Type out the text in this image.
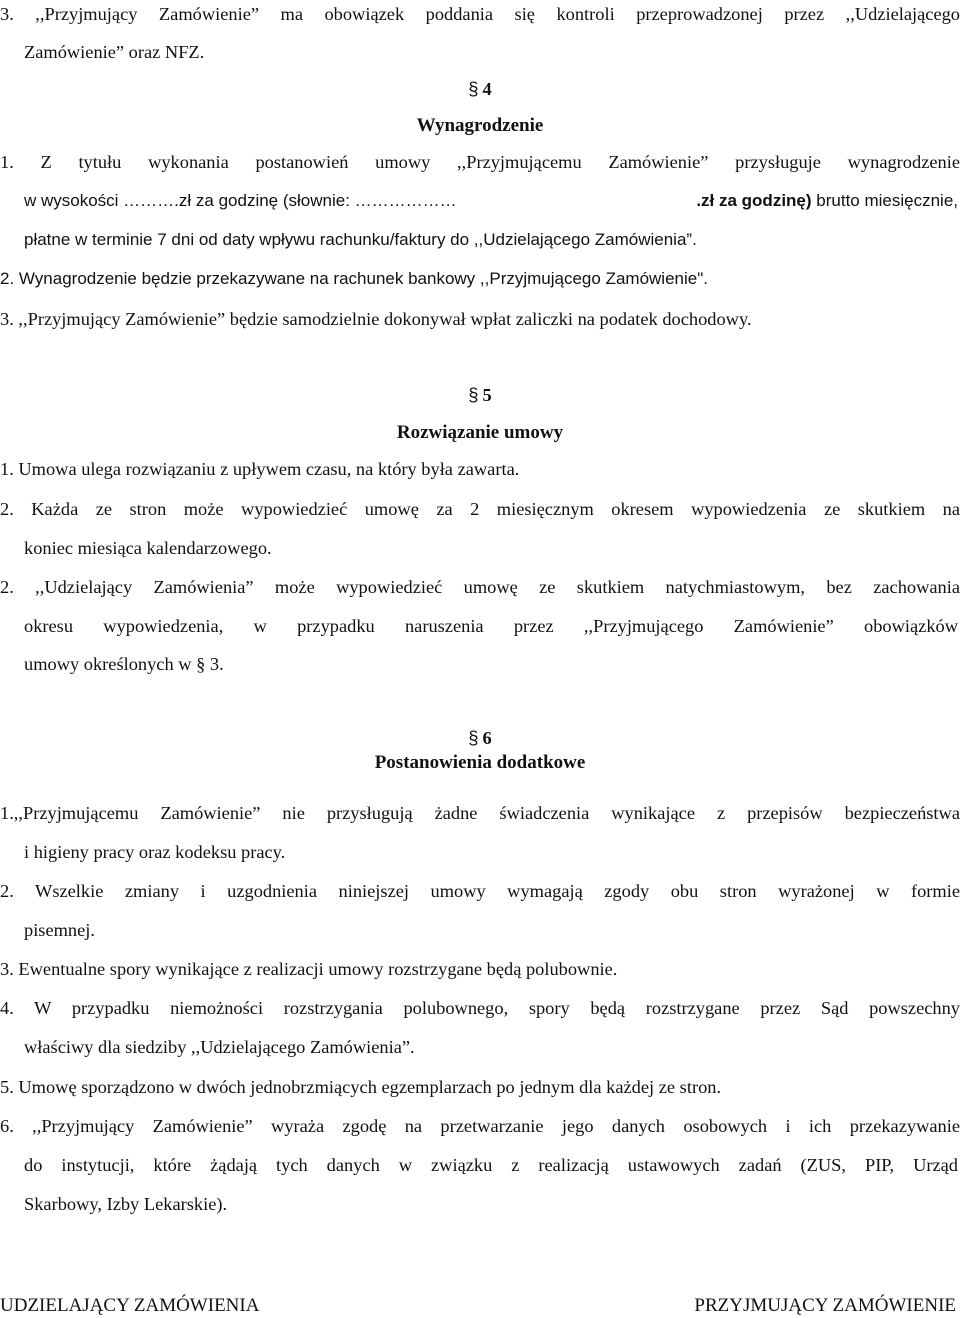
3. ,,Przyjmujący Zamówienie” ma obowiązek poddania się kontroli przeprowadzonej przez ,,Udzielającego
Zamówienie” oraz NFZ.
§ 4
Wynagrodzenie
1. Z tytułu wykonania postanowień umowy ,,Przyjmującemu Zamówienie” przysługuje wynagrodzenie
w wysokości ……….zł za godzinę (słownie: ………………	.zł za godzinę) brutto miesięcznie,
płatne w terminie 7 dni od daty wpływu rachunku/faktury do ,,Udzielającego Zamówienia”.
2. Wynagrodzenie będzie przekazywane na rachunek bankowy ,,Przyjmującego Zamówienie".
3. ,,Przyjmujący Zamówienie” będzie samodzielnie dokonywał wpłat zaliczki na podatek dochodowy.
§ 5
Rozwiązanie umowy
1. Umowa ulega rozwiązaniu z upływem czasu, na który była zawarta.
2. Każda ze stron może wypowiedzieć umowę za 2 miesięcznym okresem wypowiedzenia ze skutkiem na
koniec miesiąca kalendarzowego.
2. ,,Udzielający Zamówienia” może wypowiedzieć umowę ze skutkiem natychmiastowym, bez zachowania
okresu wypowiedzenia, w przypadku naruszenia przez ,,Przyjmującego Zamówienie” obowiązków
umowy określonych w § 3.
§ 6
Postanowienia dodatkowe
1.,,Przyjmującemu Zamówienie” nie przysługują żadne świadczenia wynikające z przepisów bezpieczeństwa
i higieny pracy oraz kodeksu pracy.
2. Wszelkie zmiany i uzgodnienia niniejszej umowy wymagają zgody obu stron wyrażonej w formie
pisemnej.
3. Ewentualne spory wynikające z realizacji umowy rozstrzygane będą polubownie.
4. W przypadku niemożności rozstrzygania polubownego, spory będą rozstrzygane przez Sąd powszechny
właściwy dla siedziby ,,Udzielającego Zamówienia”.
5. Umowę sporządzono w dwóch jednobrzmiących egzemplarzach po jednym dla każdej ze stron.
6. ,,Przyjmujący Zamówienie” wyraża zgodę na przetwarzanie jego danych osobowych i ich przekazywanie
do instytucji, które żądają tych danych w związku z realizacją ustawowych zadań (ZUS, PIP, Urząd
Skarbowy, Izby Lekarskie).
UDZIELAJĄCY ZAMÓWIENIA	PRZYJMUJĄCY ZAMÓWIENIE
